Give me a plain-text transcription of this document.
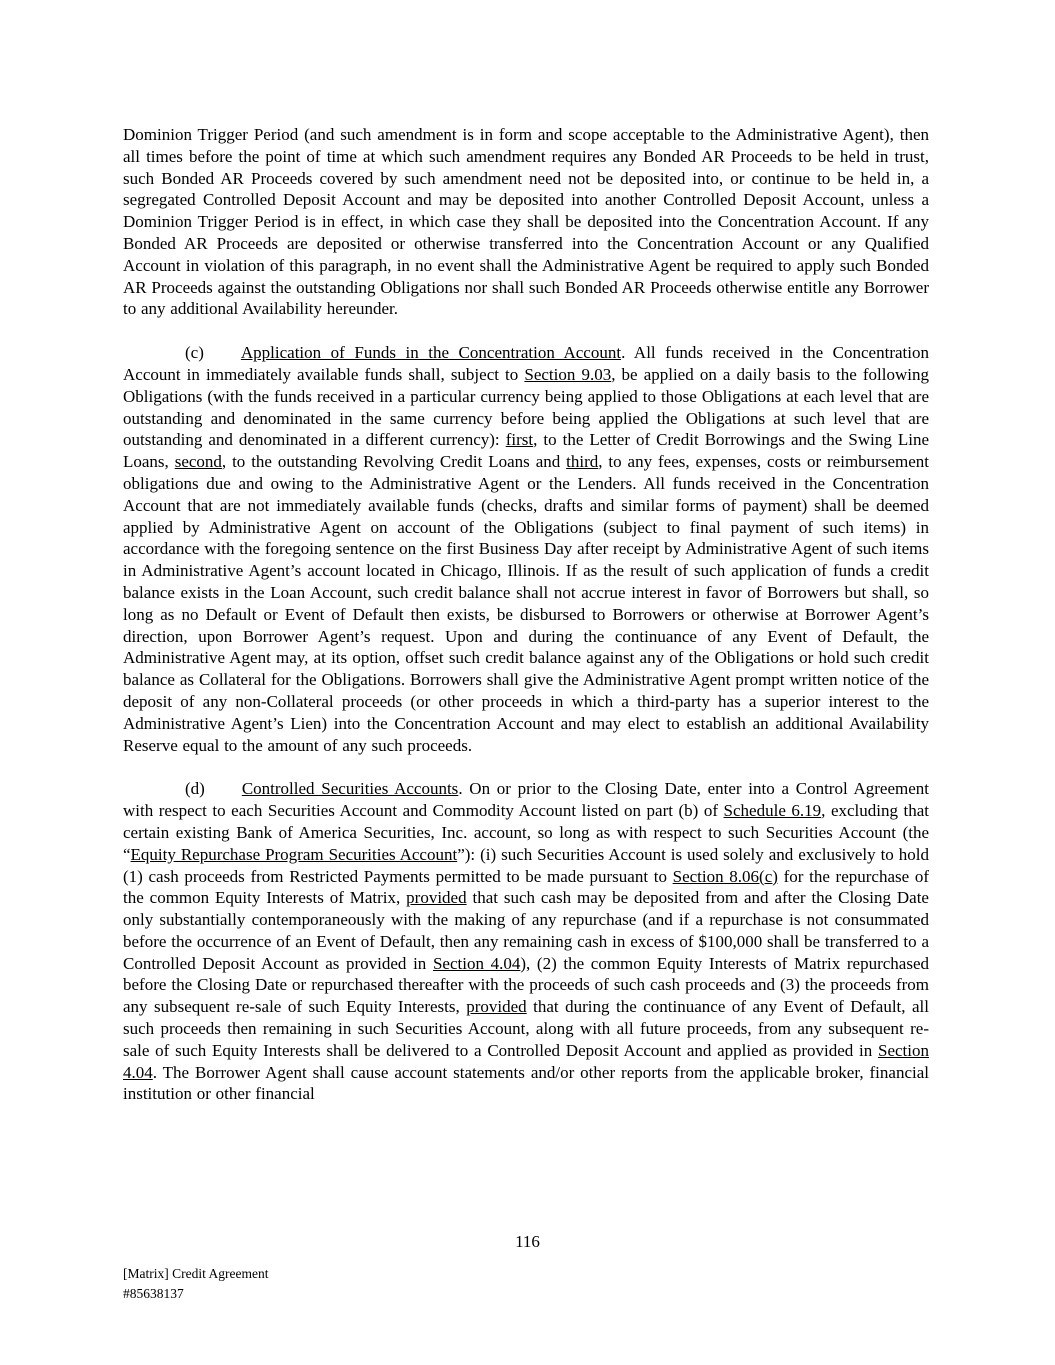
Dominion Trigger Period (and such amendment is in form and scope acceptable to the Administrative Agent), then all times before the point of time at which such amendment requires any Bonded AR Proceeds to be held in trust, such Bonded AR Proceeds covered by such amendment need not be deposited into, or continue to be held in, a segregated Controlled Deposit Account and may be deposited into another Controlled Deposit Account, unless a Dominion Trigger Period is in effect, in which case they shall be deposited into the Concentration Account. If any Bonded AR Proceeds are deposited or otherwise transferred into the Concentration Account or any Qualified Account in violation of this paragraph, in no event shall the Administrative Agent be required to apply such Bonded AR Proceeds against the outstanding Obligations nor shall such Bonded AR Proceeds otherwise entitle any Borrower to any additional Availability hereunder.

(c) Application of Funds in the Concentration Account. All funds received in the Concentration Account in immediately available funds shall, subject to Section 9.03, be applied on a daily basis to the following Obligations (with the funds received in a particular currency being applied to those Obligations at each level that are outstanding and denominated in the same currency before being applied the Obligations at such level that are outstanding and denominated in a different currency): first, to the Letter of Credit Borrowings and the Swing Line Loans, second, to the outstanding Revolving Credit Loans and third, to any fees, expenses, costs or reimbursement obligations due and owing to the Administrative Agent or the Lenders. All funds received in the Concentration Account that are not immediately available funds (checks, drafts and similar forms of payment) shall be deemed applied by Administrative Agent on account of the Obligations (subject to final payment of such items) in accordance with the foregoing sentence on the first Business Day after receipt by Administrative Agent of such items in Administrative Agent’s account located in Chicago, Illinois. If as the result of such application of funds a credit balance exists in the Loan Account, such credit balance shall not accrue interest in favor of Borrowers but shall, so long as no Default or Event of Default then exists, be disbursed to Borrowers or otherwise at Borrower Agent’s direction, upon Borrower Agent’s request. Upon and during the continuance of any Event of Default, the Administrative Agent may, at its option, offset such credit balance against any of the Obligations or hold such credit balance as Collateral for the Obligations. Borrowers shall give the Administrative Agent prompt written notice of the deposit of any non-Collateral proceeds (or other proceeds in which a third-party has a superior interest to the Administrative Agent’s Lien) into the Concentration Account and may elect to establish an additional Availability Reserve equal to the amount of any such proceeds.

(d) Controlled Securities Accounts. On or prior to the Closing Date, enter into a Control Agreement with respect to each Securities Account and Commodity Account listed on part (b) of Schedule 6.19, excluding that certain existing Bank of America Securities, Inc. account, so long as with respect to such Securities Account (the “Equity Repurchase Program Securities Account”): (i) such Securities Account is used solely and exclusively to hold (1) cash proceeds from Restricted Payments permitted to be made pursuant to Section 8.06(c) for the repurchase of the common Equity Interests of Matrix, provided that such cash may be deposited from and after the Closing Date only substantially contemporaneously with the making of any repurchase (and if a repurchase is not consummated before the occurrence of an Event of Default, then any remaining cash in excess of $100,000 shall be transferred to a Controlled Deposit Account as provided in Section 4.04), (2) the common Equity Interests of Matrix repurchased before the Closing Date or repurchased thereafter with the proceeds of such cash proceeds and (3) the proceeds from any subsequent re-sale of such Equity Interests, provided that during the continuance of any Event of Default, all such proceeds then remaining in such Securities Account, along with all future proceeds, from any subsequent re-sale of such Equity Interests shall be delivered to a Controlled Deposit Account and applied as provided in Section 4.04. The Borrower Agent shall cause account statements and/or other reports from the applicable broker, financial institution or other financial

116
[Matrix] Credit Agreement
#85638137
